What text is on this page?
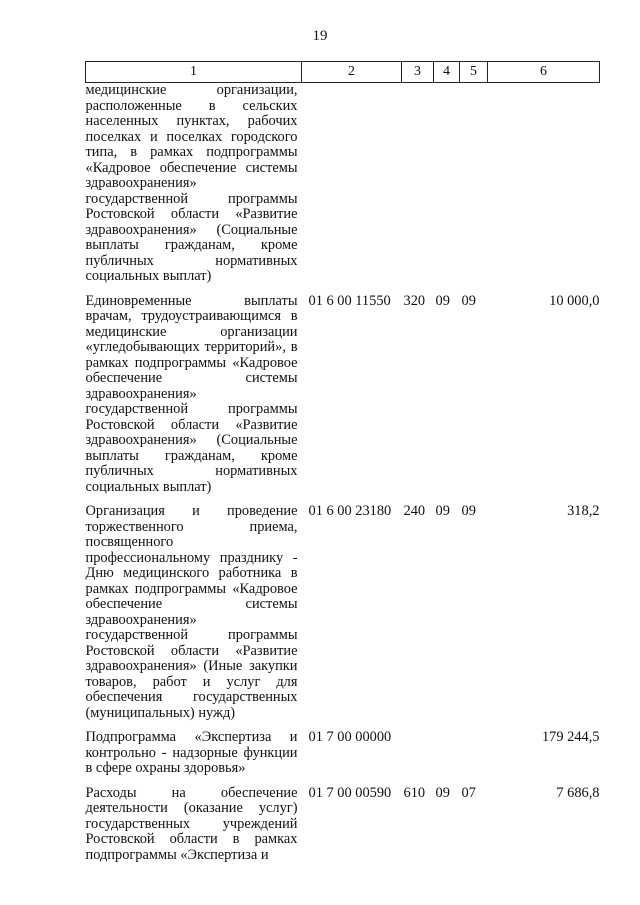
19
1	2	3	4	5	6
медицинские организации, расположенные в сельских населенных пунктах, рабочих поселках и поселках городского типа, в рамках подпрограммы «Кадровое обеспечение системы здравоохранения» государственной программы Ростовской области «Развитие здравоохранения» (Социальные выплаты гражданам, кроме публичных нормативных социальных выплат)					
Единовременные выплаты врачам, трудоустраивающимся в медицинские организации «угледобывающих территорий», в рамках подпрограммы «Кадровое обеспечение системы здравоохранения» государственной программы Ростовской области «Развитие здравоохранения» (Социальные выплаты гражданам, кроме публичных нормативных социальных выплат)	01 6 00 11550	320	09	09	10 000,0
Организация и проведение торжественного приема, посвященного профессиональному празднику - Дню медицинского работника в рамках подпрограммы «Кадровое обеспечение системы здравоохранения» государственной программы Ростовской области «Развитие здравоохранения» (Иные закупки товаров, работ и услуг для обеспечения государственных (муниципальных) нужд)	01 6 00 23180	240	09	09	318,2
Подпрограмма «Экспертиза и контрольно - надзорные функции в сфере охраны здоровья»	01 7 00 00000				179 244,5
Расходы на обеспечение деятельности (оказание услуг) государственных учреждений Ростовской области в рамках подпрограммы «Экспертиза и	01 7 00 00590	610	09	07	7 686,8
